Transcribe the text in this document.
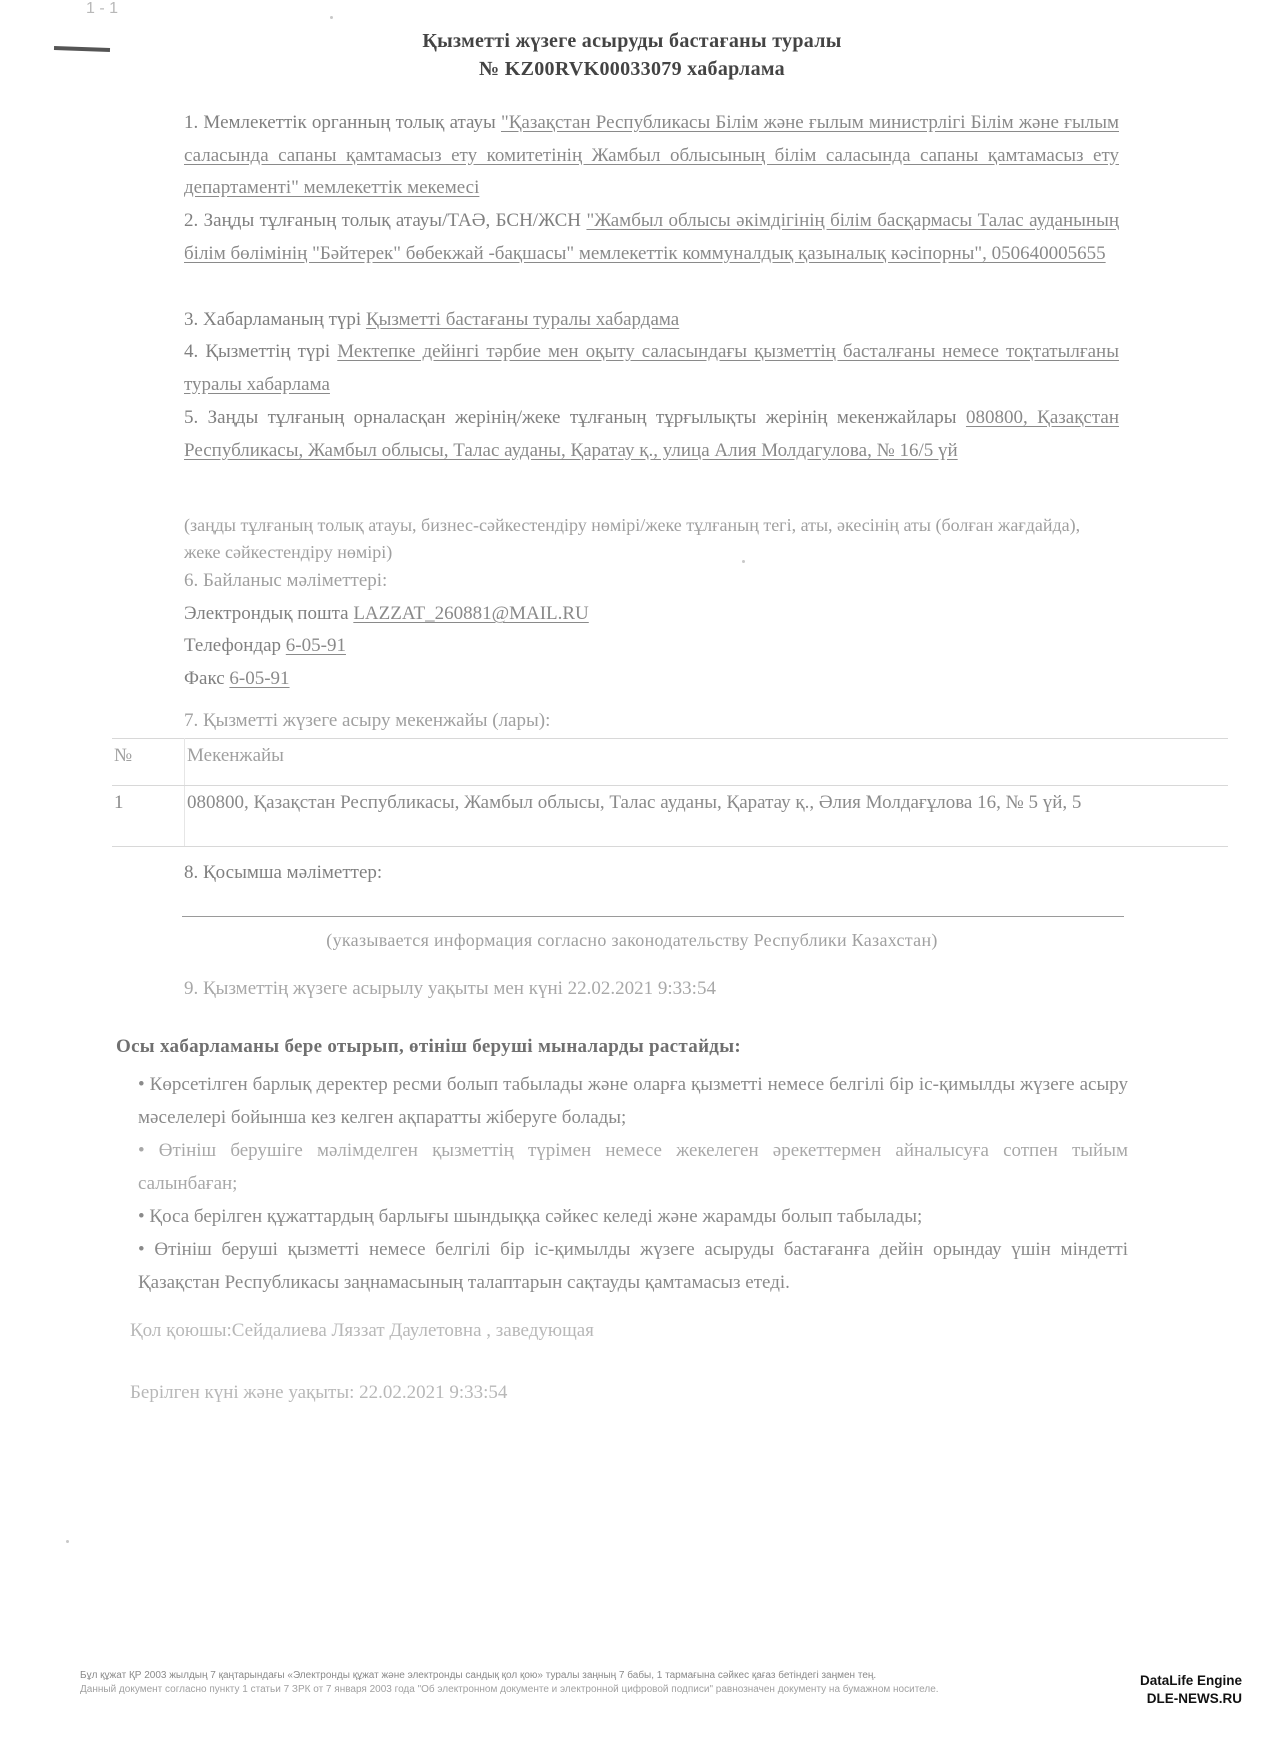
1 - 1
Қызметті жүзеге асыруды бастағаны туралы
№ KZ00RVK00033079 хабарлама
1. Мемлекеттік органның толық атауы "Қазақстан Республикасы Білім және ғылым министрлігі Білім және ғылым саласында сапаны қамтамасыз ету комитетінің Жамбыл облысының білім саласында сапаны қамтамасыз ету департаменті" мемлекеттік мекемесі
2. Заңды тұлғаның толық атауы/ТАӘ, БСН/ЖСН "Жамбыл облысы әкімдігінің білім басқармасы Талас ауданының білім бөлімінің "Бәйтерек" бөбекжай -бақшасы" мемлекеттік коммуналдық қазыналық кәсіпорны", 050640005655
3. Хабарламаның түрі Қызметті бастағаны туралы хабардама
4. Қызметтің түрі Мектепке дейінгі тәрбие мен оқыту саласындағы қызметтің басталғаны немесе тоқтатылғаны туралы хабарлама
5. Заңды тұлғаның орналасқан жерінің/жеке тұлғаның тұрғылықты жерінің мекенжайлары 080800, Қазақстан Республикасы, Жамбыл облысы, Талас ауданы, Қаратау қ., улица Алия Молдагулова, № 16/5 үй
(заңды тұлғаның толық атауы, бизнес-сәйкестендіру нөмірі/жеке тұлғаның тегі, аты, әкесінің аты (болған жағдайда), жеке сәйкестендіру нөмірі)
6. Байланыс мәліметтері:
Электрондық пошта LAZZAT_260881@MAIL.RU
Телефондар 6-05-91
Факс 6-05-91
7. Қызметті жүзеге асыру мекенжайы (лары):
№	Мекенжайы
1	080800, Қазақстан Республикасы, Жамбыл облысы, Талас ауданы, Қаратау қ., Әлия Молдағұлова 16, № 5 үй, 5
8. Қосымша мәліметтер:
(указывается информация согласно законодательству Республики Казахстан)
9. Қызметтің жүзеге асырылу уақыты мен күні 22.02.2021 9:33:54
Осы хабарламаны бере отырып, өтініш беруші мыналарды растайды:

• Көрсетілген барлық деректер ресми болып табылады және оларға қызметті немесе белгілі бір іс-қимылды жүзеге асыру мәселелері бойынша кез келген ақпаратты жіберуге болады;

• Өтініш берушіге мәлімделген қызметтің түрімен немесе жекелеген әрекеттермен айналысуға сотпен тыйым салынбаған;

• Қоса берілген құжаттардың барлығы шындыққа сәйкес келеді және жарамды болып табылады;

• Өтініш беруші қызметті немесе белгілі бір іс-қимылды жүзеге асыруды бастағанға дейін орындау үшін міндетті Қазақстан Республикасы заңнамасының талаптарын сақтауды қамтамасыз етеді.

Қол қоюшы:Сейдалиева Ляззат Даулетовна , заведующая
Берілген күні және уақыты: 22.02.2021 9:33:54
Бұл құжат ҚР 2003 жылдың 7 қаңтарындағы «Электронды құжат және электронды сандық қол қою» туралы заңның 7 бабы, 1 тармағына сәйкес қағаз бетіндегі заңмен тең.
Данный документ согласно пункту 1 статьи 7 ЗРК от 7 января 2003 года "Об электронном документе и электронной цифровой подписи" равнозначен документу на бумажном носителе.
DataLife Engine
DLE-NEWS.RU
